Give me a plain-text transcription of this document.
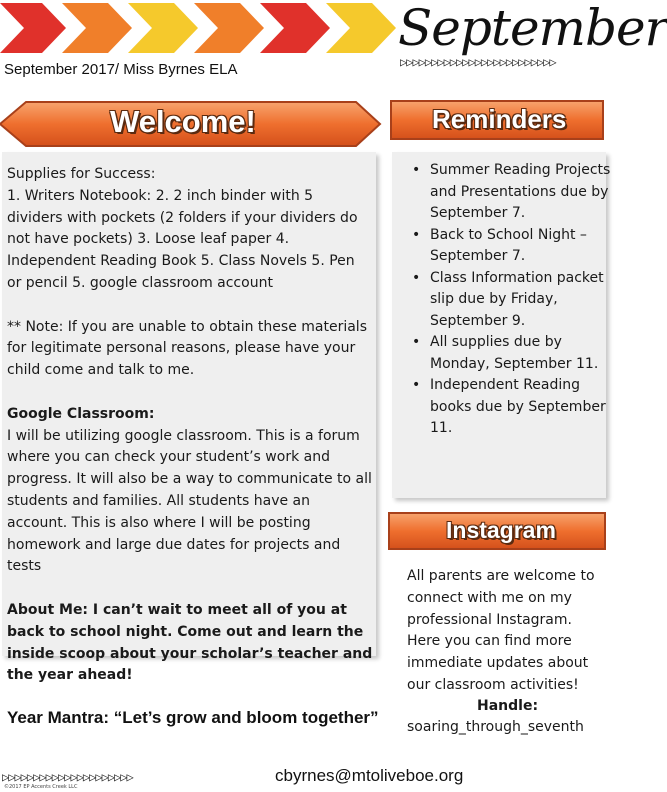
September
▷▷▷▷▷▷▷▷▷▷▷▷▷▷▷▷▷▷▷▷▷▷▷▷▷
September 2017/ Miss Byrnes ELA
Welcome!
Supplies for Success:
1. Writers Notebook: 2. 2 inch binder with 5 dividers with pockets (2 folders if your dividers do not have pockets) 3. Loose leaf paper 4. Independent Reading Book 5. Class Novels 5. Pen or pencil 5. google classroom account
** Note: If you are unable to obtain these materials for legitimate personal reasons, please have your child come and talk to me.
Google Classroom:
I will be utilizing google classroom. This is a forum where you can check your student’s work and progress. It will also be a way to communicate to all students and families. All students have an account. This is also where I will be posting homework and large due dates for projects and tests
About Me: I can’t wait to meet all of you at back to school night. Come out and learn the inside scoop about your scholar’s teacher and the year ahead!
Year Mantra: “Let’s grow and bloom together”
Reminders
• Summer Reading Projects and Presentations due by September 7.
• Back to School Night – September 7.
• Class Information packet slip due by Friday, September 9.
• All supplies due by Monday, September 11.
• Independent Reading books due by September 11.
Instagram
All parents are welcome to connect with me on my professional Instagram. Here you can find more immediate updates about our classroom activities!
Handle:
soaring_through_seventh
▷▷▷▷▷▷▷▷▷▷▷▷▷▷▷▷▷▷▷▷▷
©2017 EP Accents Creek LLC
cbyrnes@mtoliveboe.org
